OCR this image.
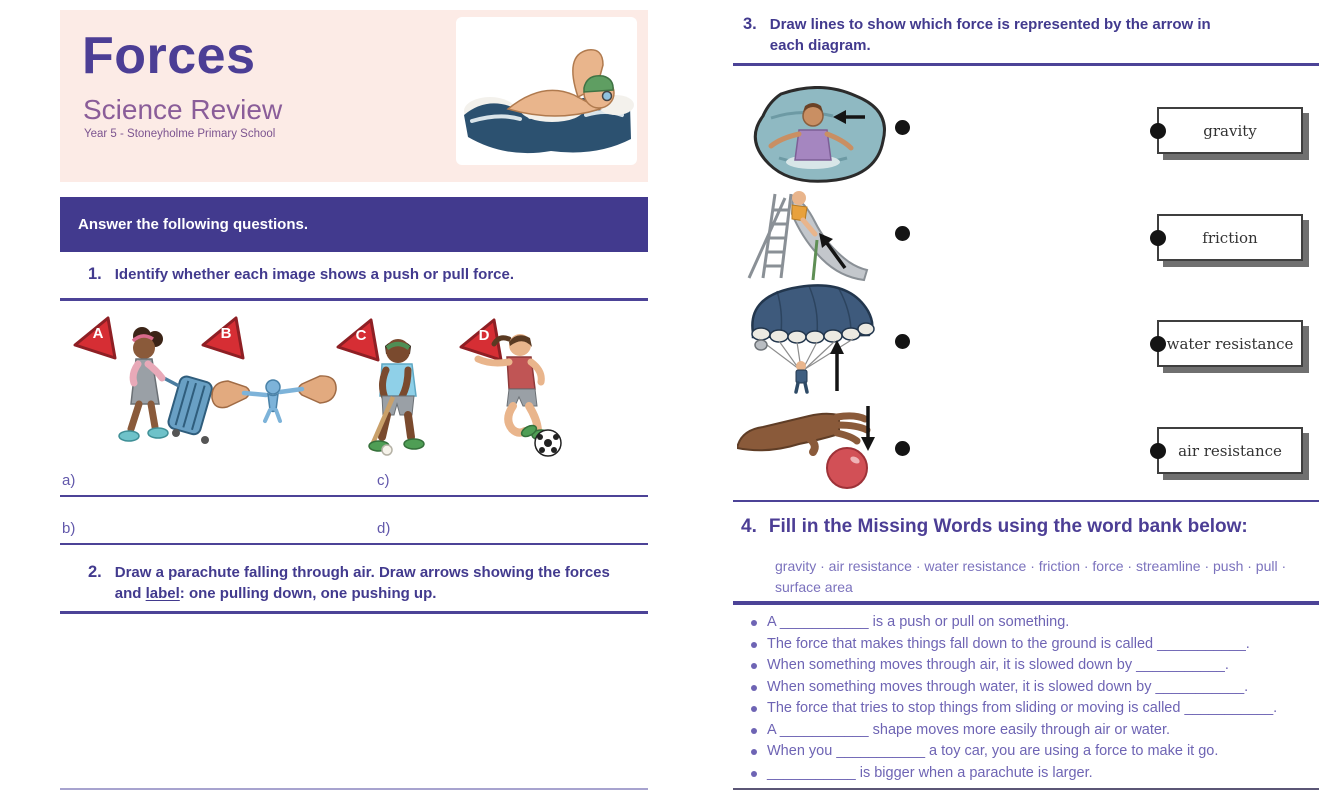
Forces
Science Review
Year 5 - Stoneyholme Primary School
Answer the following questions.
1. Identify whether each image shows a push or pull force.
A	B	C	D
a)	c)
b)	d)
2. Draw a parachute falling through air. Draw arrows showing the forces and label: one pulling down, one pushing up.
3. Draw lines to show which force is represented by the arrow in each diagram.
gravity
friction
water resistance
air resistance
4. Fill in the Missing Words using the word bank below:
gravity · air resistance · water resistance · friction · force · streamline · push · pull · surface area
A ___________ is a push or pull on something.
The force that makes things fall down to the ground is called ___________.
When something moves through air, it is slowed down by ___________.
When something moves through water, it is slowed down by ___________.
The force that tries to stop things from sliding or moving is called ___________.
A ___________ shape moves more easily through air or water.
When you ___________ a toy car, you are using a force to make it go.
___________ is bigger when a parachute is larger.
